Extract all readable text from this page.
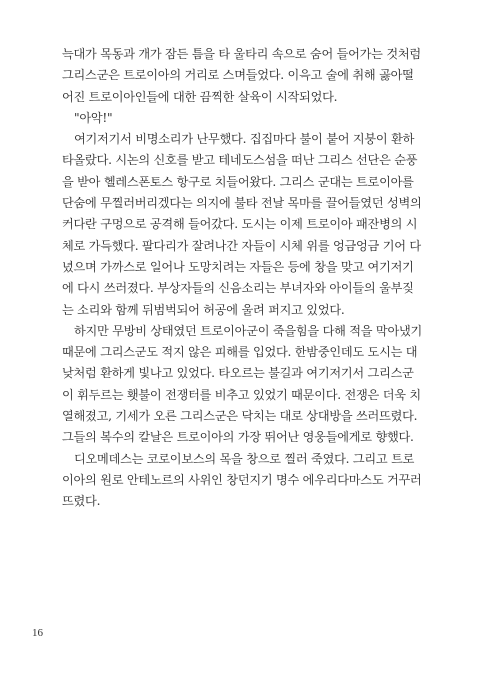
늑대가 목동과 개가 잠든 틈을 타 울타리 속으로 숨어 들어가는 것처럼

그리스군은 트로이아의 거리로 스며들었다. 이윽고 술에 취해 곯아떨

어진 트로이아인들에 대한 끔찍한 살육이 시작되었다.

"아악!"

여기저기서 비명소리가 난무했다. 집집마다 불이 붙어 지붕이 환하

타올랐다. 시논의 신호를 받고 테네도스섬을 떠난 그리스 선단은 순풍

을 받아 헬레스폰토스 항구로 치들어왔다. 그리스 군대는 트로이아를

단숨에 무찔러버리겠다는 의지에 불타 전날 목마를 끌어들였던 성벽의

커다란 구멍으로 공격해 들어갔다. 도시는 이제 트로이아 패잔병의 시

체로 가득했다. 팔다리가 잘려나간 자들이 시체 위를 엉금엉금 기어 다

녔으며 가까스로 일어나 도망치려는 자들은 등에 창을 맞고 여기저기

에 다시 쓰러졌다. 부상자들의 신음소리는 부녀자와 아이들의 울부짖

는 소리와 함께 뒤범벅되어 허공에 울려 퍼지고 있었다.

하지만 무방비 상태였던 트로이아군이 죽을힘을 다해 적을 막아냈기

때문에 그리스군도 적지 않은 피해를 입었다. 한밤중인데도 도시는 대

낮처럼 환하게 빛나고 있었다. 타오르는 불길과 여기저기서 그리스군

이 휘두르는 횃불이 전쟁터를 비추고 있었기 때문이다. 전쟁은 더욱 치

열해졌고, 기세가 오른 그리스군은 닥치는 대로 상대방을 쓰러뜨렸다.

그들의 복수의 칼날은 트로이아의 가장 뛰어난 영웅들에게로 향했다.

디오메데스는 코로이보스의 목을 창으로 찔러 죽였다. 그리고 트로

이아의 원로 안테노르의 사위인 창던지기 명수 에우리다마스도 거꾸러

뜨렸다.

16
